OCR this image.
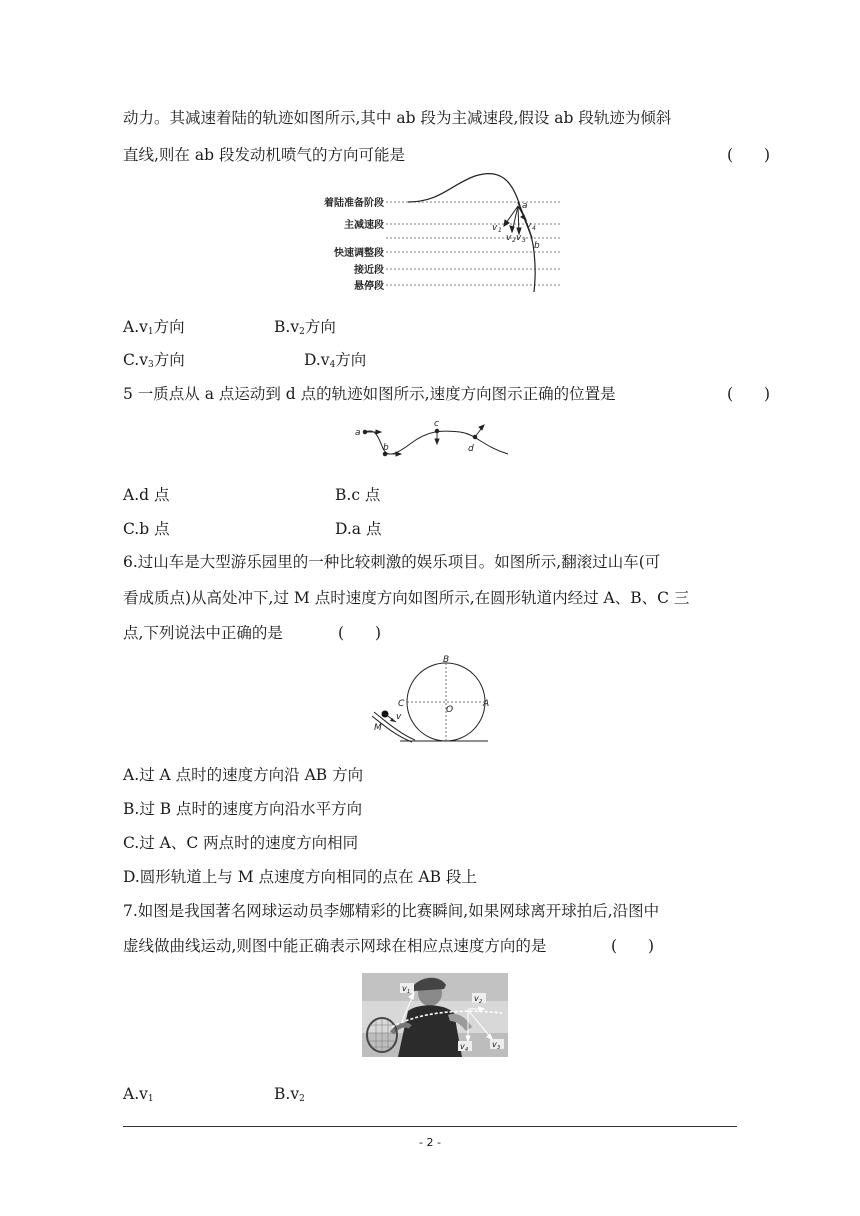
动力。其减速着陆的轨迹如图所示,其中 ab 段为主减速段,假设 ab 段轨迹为倾斜
直线,则在 ab 段发动机喷气的方向可能是	(　　)
着陆准备阶段
主减速段
快速调整段
接近段
悬停段
a
b
v 1
v 2 v 3
v 4
$A.v_1$方向	$B.v_2$方向
$C.v_3$方向	$D.v_4$方向
5 一质点从 a 点运动到 d 点的轨迹如图所示,速度方向图示正确的位置是	(　　)
a
b
c
d
A.d 点	B.c 点
C.b 点	D.a 点
6.过山车是大型游乐园里的一种比较刺激的娱乐项目。如图所示,翻滚过山车(可
看成质点)从高处冲下,过 M 点时速度方向如图所示,在圆形轨道内经过 A、B、C 三
点,下列说法中正确的是	(　　)
B
C	A
O
M
v
A.过 A 点时的速度方向沿 AB 方向
B.过 B 点时的速度方向沿水平方向
C.过 A、C 两点时的速度方向相同
D.圆形轨道上与 M 点速度方向相同的点在 AB 段上
7.如图是我国著名网球运动员李娜精彩的比赛瞬间,如果网球离开球拍后,沿图中
虚线做曲线运动,则图中能正确表示网球在相应点速度方向的是	(　　)
v 1
v 2
v 3
v 4
$A.v_1$	$B.v_2$
- 2 -
